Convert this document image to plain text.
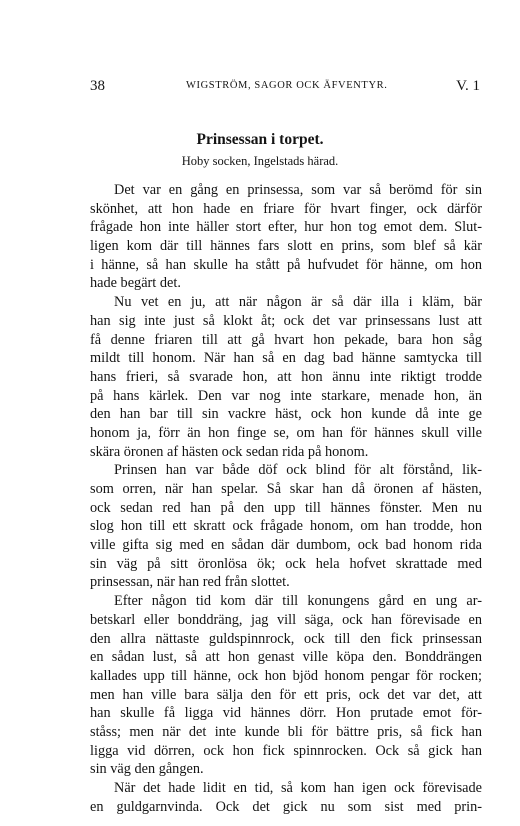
38	WIGSTRÖM, SAGOR OCK ÄFVENTYR.	V. 1
Prinsessan i torpet.
Hoby socken, Ingelstads härad.
Det var en gång en prinsessa, som var så berömd för sin
skönhet, att hon hade en friare för hvart finger, ock därför
frågade hon inte häller stort efter, hur hon tog emot dem. Slut-
ligen kom där till hännes fars slott en prins, som blef så kär
i hänne, så han skulle ha stått på hufvudet för hänne, om hon
hade begärt det.
Nu vet en ju, att när någon är så där illa i kläm, bär
han sig inte just så klokt åt; ock det var prinsessans lust att
få denne friaren till att gå hvart hon pekade, bara hon såg
mildt till honom. När han så en dag bad hänne samtycka till
hans frieri, så svarade hon, att hon ännu inte riktigt trodde
på hans kärlek. Den var nog inte starkare, menade hon, än
den han bar till sin vackre häst, ock hon kunde då inte ge
honom ja, förr än hon finge se, om han för hännes skull ville
skära öronen af hästen ock sedan rida på honom.
Prinsen han var både döf ock blind för alt förstånd, lik-
som orren, när han spelar. Så skar han då öronen af hästen,
ock sedan red han på den upp till hännes fönster. Men nu
slog hon till ett skratt ock frågade honom, om han trodde, hon
ville gifta sig med en sådan där dumbom, ock bad honom rida
sin väg på sitt öronlösa ök; ock hela hofvet skrattade med
prinsessan, när han red från slottet.
Efter någon tid kom där till konungens gård en ung ar-
betskarl eller bonddräng, jag vill säga, ock han förevisade en
den allra nättaste guldspinnrock, ock till den fick prinsessan
en sådan lust, så att hon genast ville köpa den. Bonddrängen
kallades upp till hänne, ock hon bjöd honom pengar för rocken;
men han ville bara sälja den för ett pris, ock det var det, att
han skulle få ligga vid hännes dörr. Hon prutade emot för-
ståss; men när det inte kunde bli för bättre pris, så fick han
ligga vid dörren, ock hon fick spinnrocken. Ock så gick han
sin väg den gången.
När det hade lidit en tid, så kom han igen ock förevisade
en guldgarnvinda. Ock det gick nu som sist med prin-
